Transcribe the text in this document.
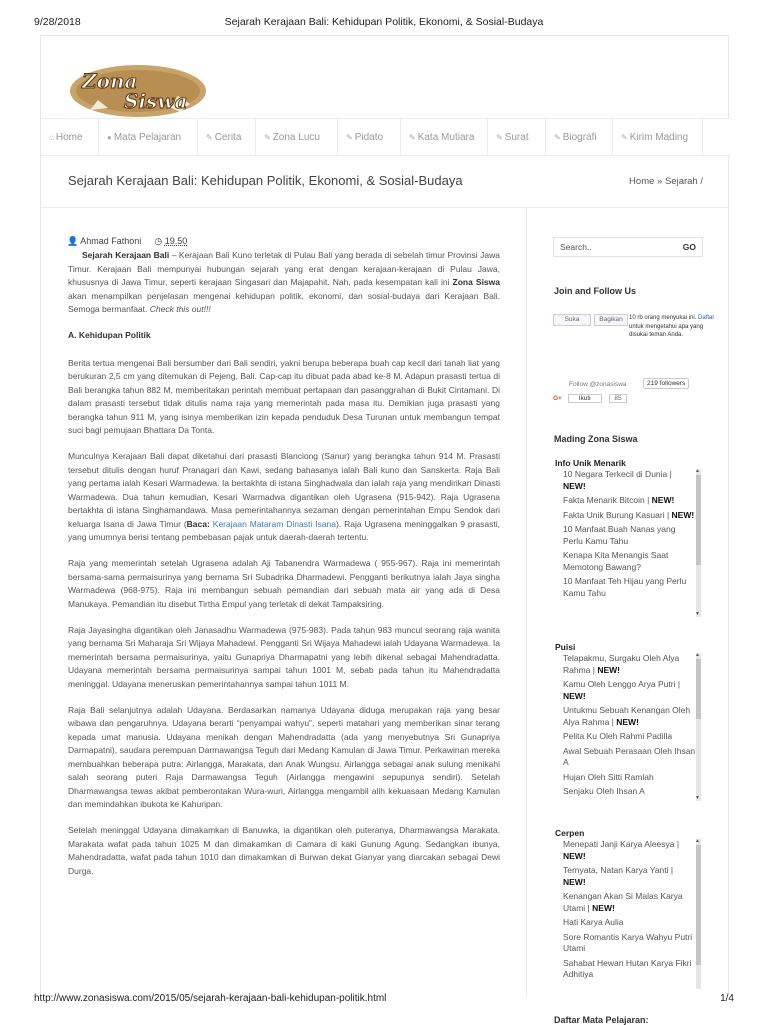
9/28/2018	Sejarah Kerajaan Bali: Kehidupan Politik, Ekonomi, & Sosial-Budaya
Zona
Siswa
⌂ Home	● Mata Pelajaran	✎ Cerita	✎ Zona Lucu	✎ Pidato	✎ Kata Mutiara	✎ Surat	✎ Biografi	✎ Kirim Mading
Sejarah Kerajaan Bali: Kehidupan Politik, Ekonomi, & Sosial-Budaya	Home » Sejarah /
👤 Ahmad Fathoni ◷ 19.50

Sejarah Kerajaan Bali – Kerajaan Bali Kuno terletak di Pulau Bali yang berada di sebelah timur Provinsi Jawa Timur. Kerajaan Bali mempunyai hubungan sejarah yang erat dengan kerajaan-kerajaan di Pulau Jawa, khususnya di Jawa Timur, seperti kerajaan Singasari dan Majapahit. Nah, pada kesempatan kali ini Zona Siswa akan menampilkan penjelasan mengenai kehidupan politik, ekonomi, dan sosial-budaya dari Kerajaan Bali. Semoga bermanfaat. Check this out!!!

A. Kehidupan Politik

Berita tertua mengenai Bali bersumber dari Bali sendiri, yakni berupa beberapa buah cap kecil dari tanah liat yang berukuran 2,5 cm yang ditemukan di Pejeng, Bali. Cap-cap itu dibuat pada abad ke-8 M. Adapun prasasti tertua di Bali berangka tahun 882 M, memberitakan perintah membuat pertapaan dan pasanggrahan di Bukit Cintamani. Di dalam prasasti tersebut tidak ditulis nama raja yang memerintah pada masa itu. Demikian juga prasasti yang berangka tahun 911 M, yang isinya memberikan izin kepada penduduk Desa Turunan untuk membangun tempat suci bagi pemujaan Bhattara Da Tonta.

Munculnya Kerajaan Bali dapat diketahui dari prasasti Blanciong (Sanur) yang berangka tahun 914 M. Prasasti tersebut ditulis dengan huruf Pranagari dan Kawi, sedang bahasanya ialah Bali kuno dan Sanskerta. Raja Bali yang pertama ialah Kesari Warmadewa. Ia bertakhta di istana Singhadwala dan ialah raja yang mendirikan Dinasti Warmadewa. Dua tahun kemudian, Kesari Warmadwa digantikan oleh Ugrasena (915-942). Raja Ugrasena bertakhta di istana Singhamandawa. Masa pemerintahannya sezaman dengan pemerintahan Empu Sendok dari keluarga Isana di Jawa Timur (Baca: Kerajaan Mataram Dinasti Isana). Raja Ugrasena meninggalkan 9 prasasti, yang umumnya berisi tentang pembebasan pajak untuk daerah-daerah tertentu.

Raja yang memerintah setelah Ugrasena adalah Aji Tabanendra Warmadewa ( 955-967). Raja ini memerintah bersama-sama permaisurinya yang bernama Sri Subadrika Dharmadewi. Pengganti berikutnya ialah Jaya singha Warmadewa (968-975). Raja ini membangun sebuah pemandian dari sebuah mata air yang ada di Desa Manukaya. Pemandian itu disebut Tirtha Empul yang terletak di dekat Tampaksiring.

Raja Jayasingha digantikan oleh Janasadhu Warmadewa (975-983). Pada tahun 983 muncul seorang raja wanita yang bernama Sri Maharaja Sri Wijaya Mahadewi. Pengganti Sri Wijaya Mahadewi ialah Udayana Warmadewa. Ia memerintah bersama permaisurinya, yaitu Gunapriya Dharmapatni yang lebih dikenal sebagai Mahendradatta. Udayana memerintah bersama permaisurinya sampai tahun 1001 M, sebab pada tahun itu Mahendradatta meninggal. Udayana meneruskan pemerintahannya sampai tahun 1011 M.

Raja Bali selanjutnya adalah Udayana. Berdasarkan namanya Udayana diduga merupakan raja yang besar wibawa dan pengaruhnya. Udayana berarti “penyampai wahyu”, seperti matahari yang memberikan sinar terang kepada umat manusia. Udayana menikah dengan Mahendradatta (ada yang menyebutnya Sri Gunapriya Darmapatni), saudara perempuan Darmawangsa Teguh dari Medang Kamulan di Jawa Timur. Perkawinan mereka membuahkan beberapa putra: Airlangga, Marakata, dan Anak Wungsu. Airlangga sebagai anak sulung menikahi salah seorang puteri Raja Darmawangsa Teguh (Airlangga mengawini sepupunya sendiri). Setelah Dharmawangsa tewas akibat pemberontakan Wura-wuri, Airlangga mengambil alih kekuasaan Medang Kamulan dan memindahkan ibukota ke Kahuripan.

Setelah meninggal Udayana dimakamkan di Banuwka, ia digantikan oleh puteranya, Dharmawangsa Marakata. Marakata wafat pada tahun 1025 M dan dimakamkan di Camara di kaki Gunung Agung. Sedangkan ibunya, Mahendradatta, wafat pada tahun 1010 dan dimakamkan di Burwan dekat Gianyar yang diarcakan sebagai Dewi Durga.

Search..	GO
Join and Follow Us
Suka	Bagikan	10 rb orang menyukai ini. Daftar untuk mengetahui apa yang disukai teman Anda.
Follow @zonasiswa	219 followers
G+	Ikuti	85
Mading Zona Siswa
Info Unik Menarik
10 Negara Terkecil di Dunia | NEW!
Fakta Menarik Bitcoin | NEW!
Fakta Unik Burung Kasuari | NEW!
10 Manfaat Buah Nanas yang Perlu Kamu Tahu
Kenapa Kita Menangis Saat Memotong Bawang?
10 Manfaat Teh Hijau yang Perlu Kamu Tahu
▲
▼
Puisi
Telapakmu, Surgaku Oleh Alya Rahma | NEW!
Kamu Oleh Lenggo Arya Putri | NEW!
Untukmu Sebuah Kenangan Oleh Alya Rahma | NEW!
Pelita Ku Oleh Rahmi Padilla
Awal Sebuah Perasaan Oleh Ihsan A
Hujan Oleh Sitti Ramlah
Senjaku Oleh Ihsan A
▲
▼
Cerpen
Menepati Janji Karya Aleesya | NEW!
Ternyata, Natan Karya Yanti | NEW!
Kenangan Akan Si Malas Karya Utami | NEW!
Hati Karya Aulia
Sore Romantis Karya Wahyu Putri Utami
Sahabat Hewan Hutan Karya Fikri Adhitiya
▲
Daftar Mata Pelajaran:
http://www.zonasiswa.com/2015/05/sejarah-kerajaan-bali-kehidupan-politik.html	1/4
